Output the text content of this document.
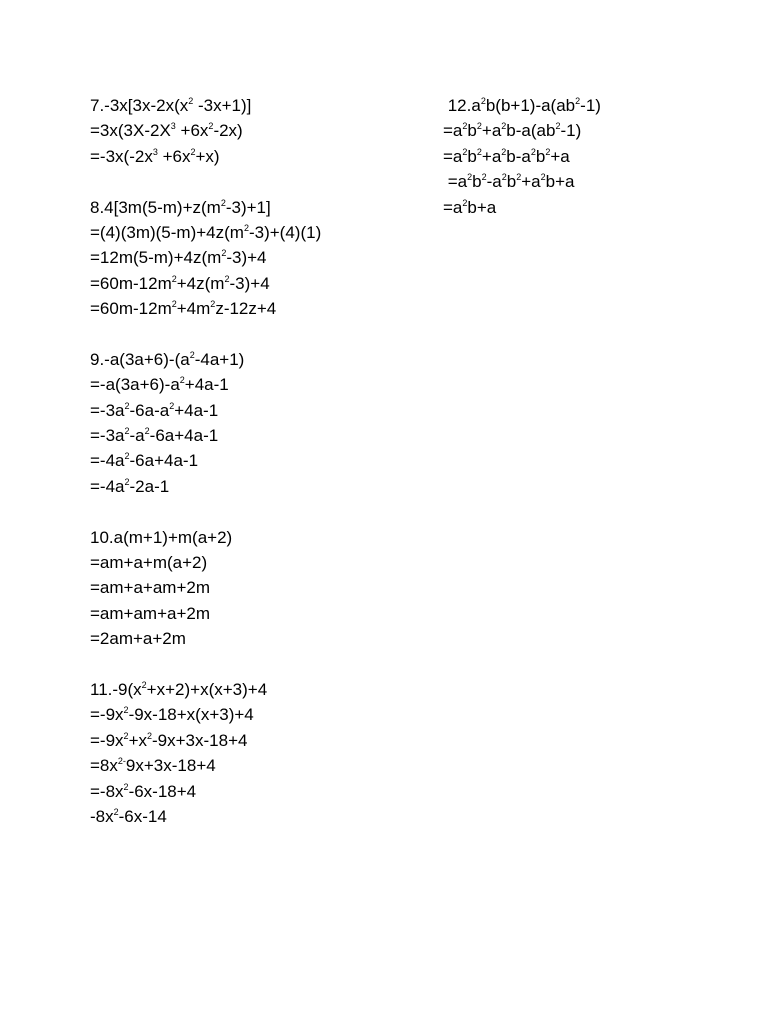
$7.-3x[3x-2x(x^2$ -3x+1)]
$=3x(3X-2X^3 +6x^2-2x)$
$=-3x(-2x^3 +6x^2+x)$
$8.4[3m(5-m)+z(m^2-3)+1]$
$=(4)(3m)(5-m)+4z(m^2-3)+(4)(1)$
$=12m(5-m)+4z(m^2-3)+4$
$=60m-12m^2+4z(m^2-3)+4$
$=60m-12m^2+4m^2z-12z+4$
$9.-a(3a+6)-(a^2-4a+1)$
$=-a(3a+6)-a^2+4a-1$
$=-3a^2-6a-a^2+4a-1$
$=-3a^2-a^2-6a+4a-1$
$=-4a^2-6a+4a-1$
$=-4a^2-2a-1$
10.a(m+1)+m(a+2)
=am+a+m(a+2)
=am+a+am+2m
=am+am+a+2m
=2am+a+2m
$11.-9(x^2+x+2)+x(x+3)+4$
$=-9x^2-9x-18+x(x+3)+4$
$=-9x^2+x^2-9x+3x-18+4$
$=8x^{2-}9x+3x-18+4$
$=-8x^2-6x-18+4$
$-8x^2-6x-14$
$12.a^2b(b+1)-a(ab^2-1)$
$=a^2b^2+a^2b-a(ab^2-1)$
$=a^2b^2+a^2b-a^2b^2+a$
$=a^2b^2-a^2b^2+a^2b+a$
$=a^2b+a$
